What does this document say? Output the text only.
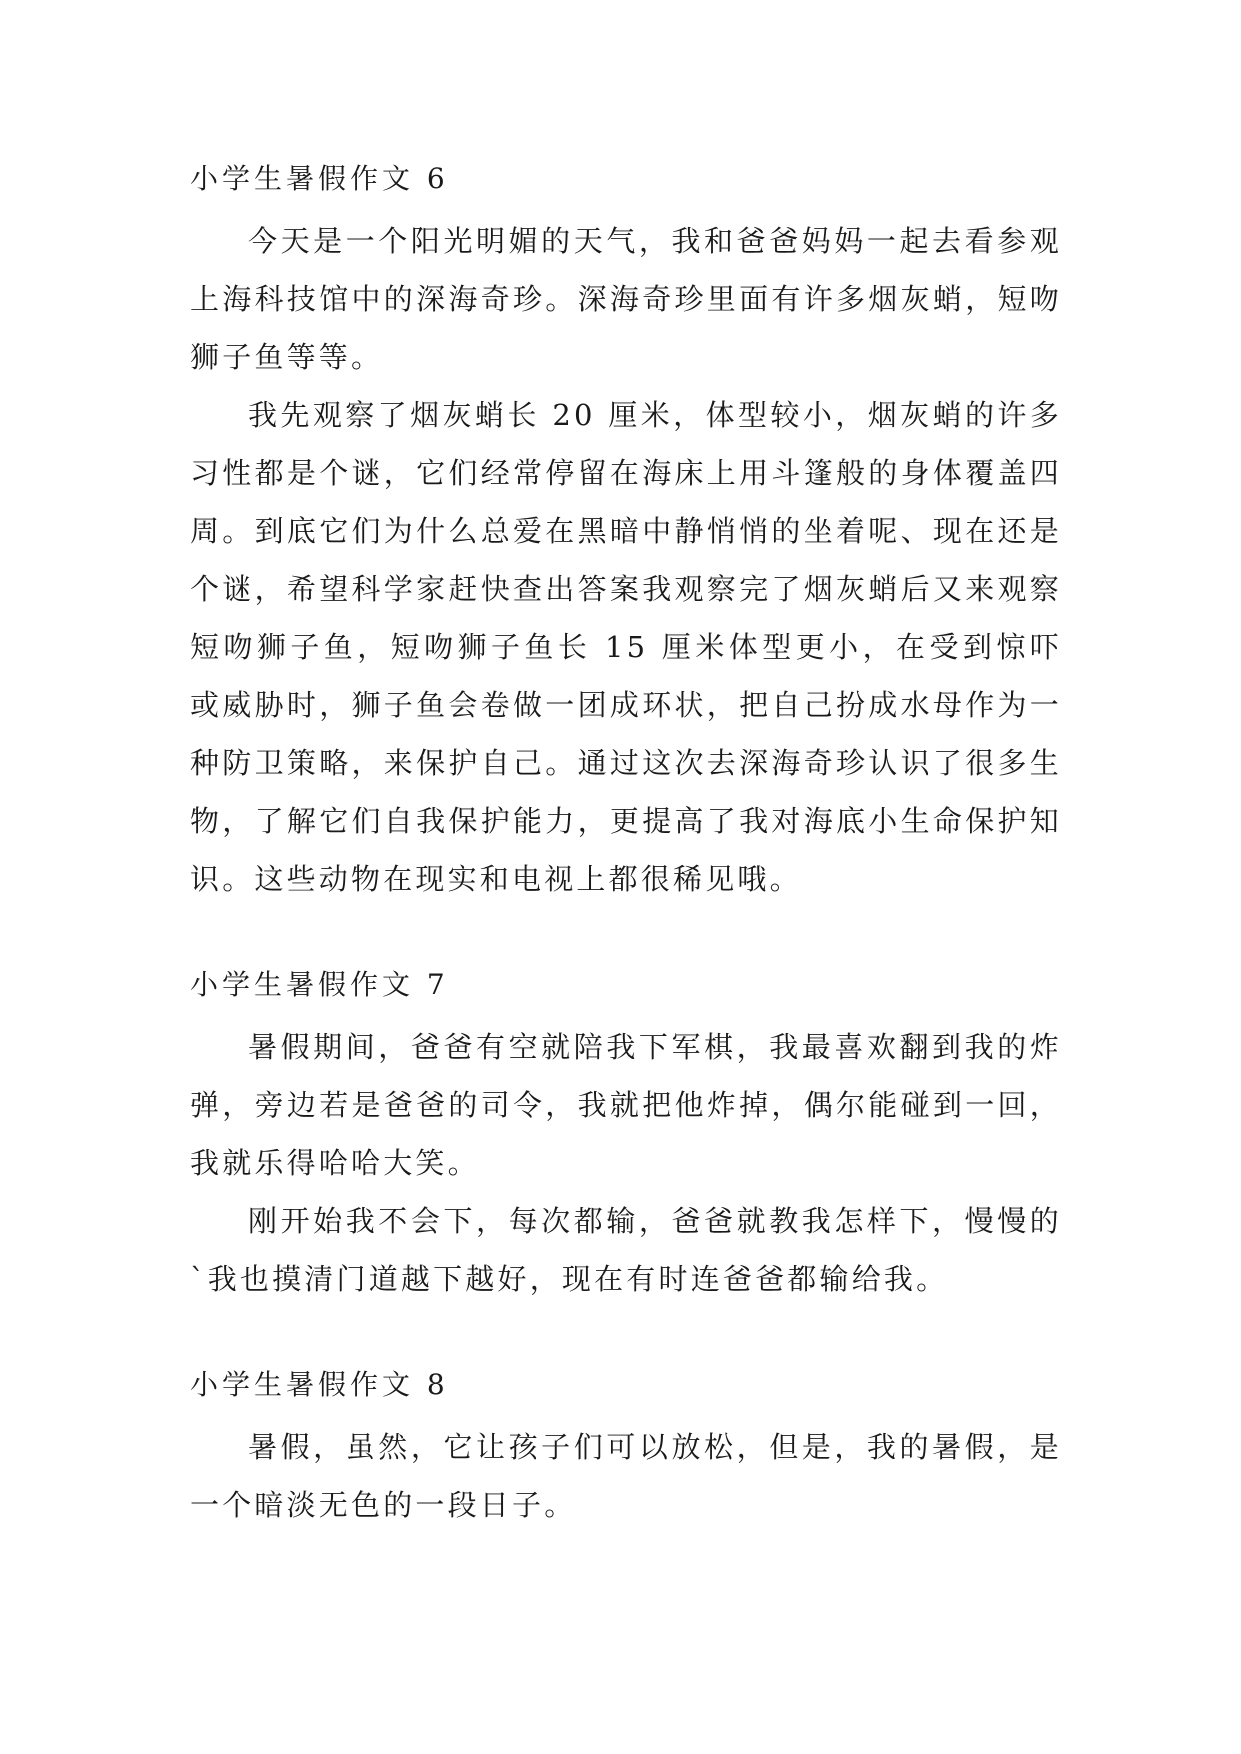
小学生暑假作文 6

今天是一个阳光明媚的天气，我和爸爸妈妈一起去看参观上海科技馆中的深海奇珍。深海奇珍里面有许多烟灰蛸，短吻狮子鱼等等。

我先观察了烟灰蛸长 20 厘米，体型较小，烟灰蛸的许多习性都是个谜，它们经常停留在海床上用斗篷般的身体覆盖四周。到底它们为什么总爱在黑暗中静悄悄的坐着呢、现在还是个谜，希望科学家赶快查出答案我观察完了烟灰蛸后又来观察短吻狮子鱼，短吻狮子鱼长 15 厘米体型更小，在受到惊吓或威胁时，狮子鱼会卷做一团成环状，把自己扮成水母作为一种防卫策略，来保护自己。通过这次去深海奇珍认识了很多生物，了解它们自我保护能力，更提高了我对海底小生命保护知识。这些动物在现实和电视上都很稀见哦。

小学生暑假作文 7

暑假期间，爸爸有空就陪我下军棋，我最喜欢翻到我的炸弹，旁边若是爸爸的司令，我就把他炸掉，偶尔能碰到一回，我就乐得哈哈大笑。

刚开始我不会下，每次都输，爸爸就教我怎样下，慢慢的`我也摸清门道越下越好，现在有时连爸爸都输给我。

小学生暑假作文 8

暑假，虽然，它让孩子们可以放松，但是，我的暑假，是一个暗淡无色的一段日子。
